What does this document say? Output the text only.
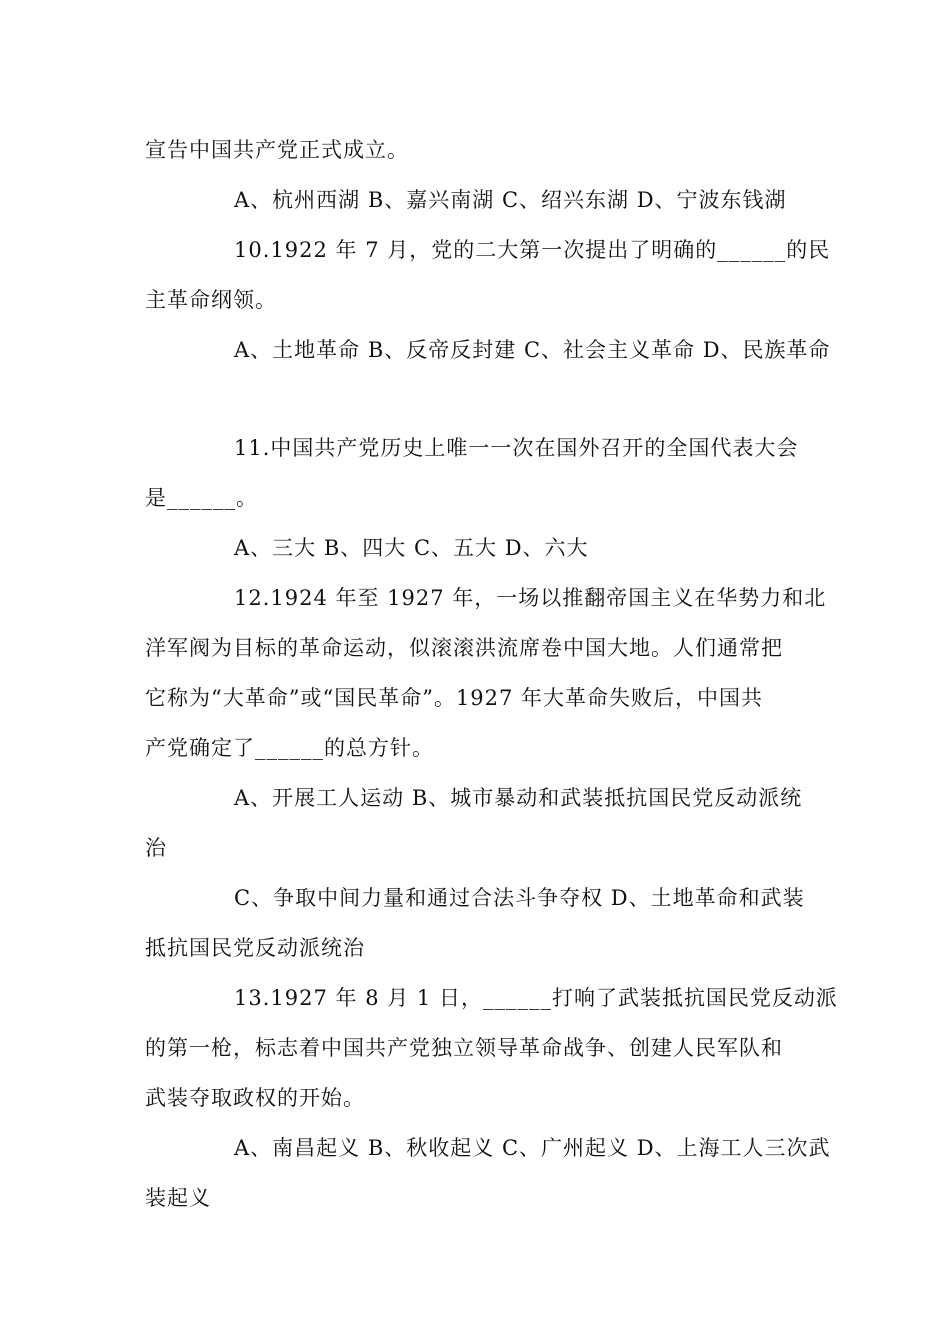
宣告中国共产党正式成立。
A、杭州西湖 B、嘉兴南湖 C、绍兴东湖 D、宁波东钱湖
10.1922 年 7 月，党的二大第一次提出了明确的______的民
主革命纲领。
A、土地革命 B、反帝反封建 C、社会主义革命 D、民族革命
11.中国共产党历史上唯一一次在国外召开的全国代表大会
是______。
A、三大 B、四大 C、五大 D、六大
12.1924 年至 1927 年，一场以推翻帝国主义在华势力和北
洋军阀为目标的革命运动，似滚滚洪流席卷中国大地。人们通常把
它称为“大革命”或“国民革命”。1927 年大革命失败后，中国共
产党确定了______的总方针。
A、开展工人运动 B、城市暴动和武装抵抗国民党反动派统
治
C、争取中间力量和通过合法斗争夺权 D、土地革命和武装
抵抗国民党反动派统治
13.1927 年 8 月 1 日，______打响了武装抵抗国民党反动派
的第一枪，标志着中国共产党独立领导革命战争、创建人民军队和
武装夺取政权的开始。
A、南昌起义 B、秋收起义 C、广州起义 D、上海工人三次武
装起义
